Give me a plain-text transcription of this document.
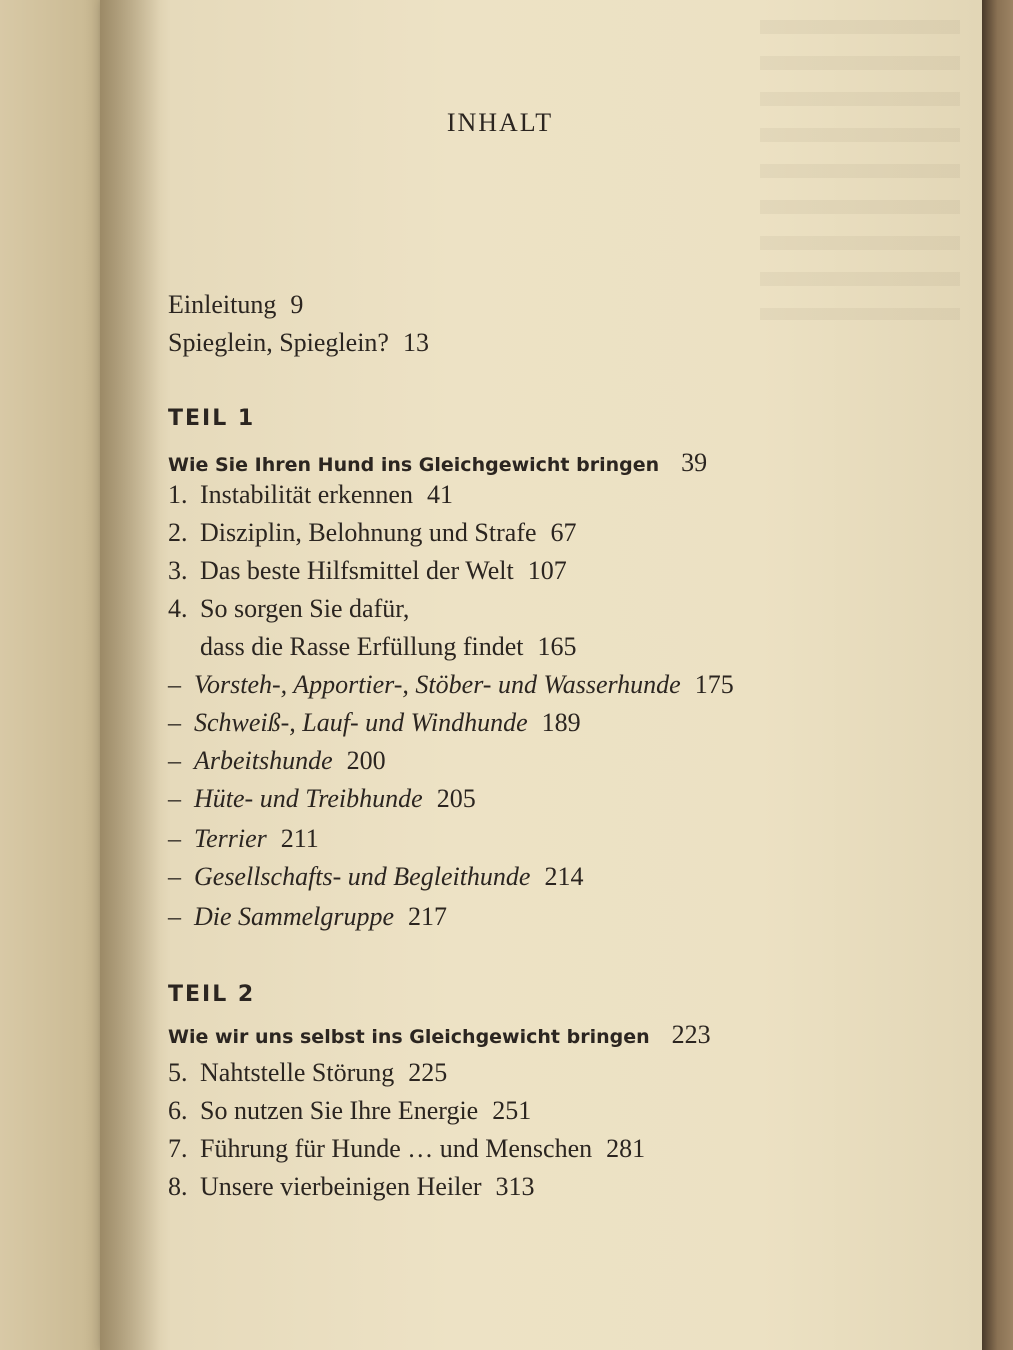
INHALT
Einleitung 9
Spieglein, Spieglein? 13
TEIL 1
Wie Sie Ihren Hund ins Gleichgewicht bringen 39
1. Instabilität erkennen 41
2. Disziplin, Belohnung und Strafe 67
3. Das beste Hilfsmittel der Welt 107
4. So sorgen Sie dafür,
dass die Rasse Erfüllung findet 165
– Vorsteh-, Apportier-, Stöber- und Wasserhunde 175
– Schweiß-, Lauf- und Windhunde 189
– Arbeitshunde 200
– Hüte- und Treibhunde 205
– Terrier 211
– Gesellschafts- und Begleithunde 214
– Die Sammelgruppe 217
TEIL 2
Wie wir uns selbst ins Gleichgewicht bringen 223
5. Nahtstelle Störung 225
6. So nutzen Sie Ihre Energie 251
7. Führung für Hunde … und Menschen 281
8. Unsere vierbeinigen Heiler 313
